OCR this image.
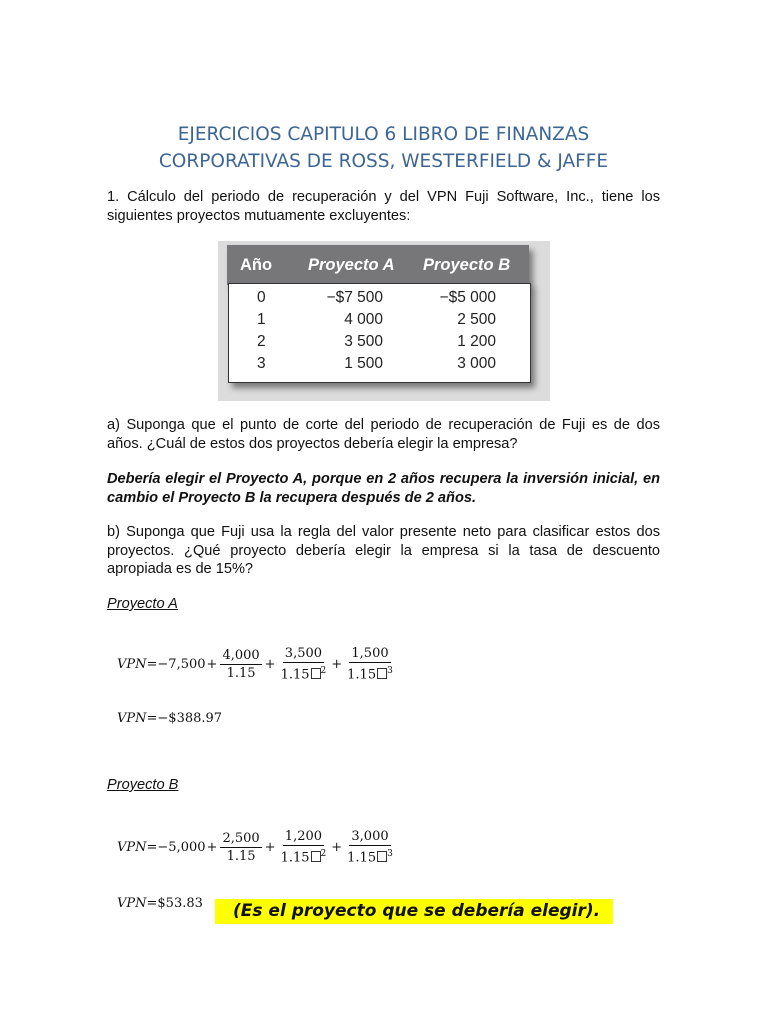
EJERCICIOS CAPITULO 6 LIBRO DE FINANZAS
CORPORATIVAS DE ROSS, WESTERFIELD & JAFFE

1. Cálculo del periodo de recuperación y del VPN Fuji Software, Inc., tiene los siguientes proyectos mutuamente excluyentes:

a) Suponga que el punto de corte del periodo de recuperación de Fuji es de dos años. ¿Cuál de estos dos proyectos debería elegir la empresa?

Debería elegir el Proyecto A, porque en 2 años recupera la inversión inicial, en cambio el Proyecto B la recupera después de 2 años.

b) Suponga que Fuji usa la regla del valor presente neto para clasificar estos dos proyectos. ¿Qué proyecto debería elegir la empresa si la tasa de descuento apropiada es de 15%?

Proyecto A
Proyecto B
Año Proyecto A Proyecto B
0	−$7 500	−$5 000
1	4 000	2 500
2	3 500	1 200
3	1 500	3 000
VPN $=-7,500 + \frac{4,000}{1.15} + \frac{3,500}{1.15 ^2} + \frac{1,500}{1.15 ^3}$
VPN =−$388.97
VPN $=-5,000 + \frac{2,500}{1.15} + \frac{1,200}{1.15 ^2} + \frac{3,000}{1.15 ^3}$
VPN =$53.83	(Es el proyecto que se debería elegir).
